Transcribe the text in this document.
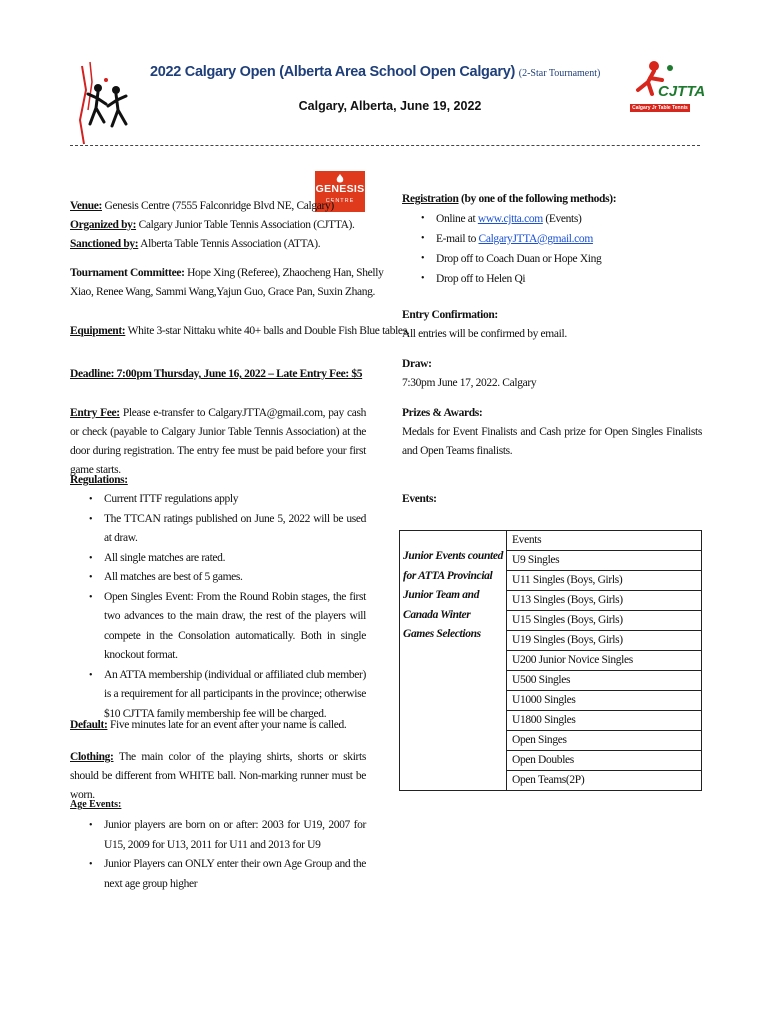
2022 Calgary Open (Alberta Area School Open Calgary) (2-Star Tournament)
Calgary, Alberta, June 19, 2022
CJTTA
Calgary Jr Table Tennis
GENESIS
CENTRE
Venue: Genesis Centre (7555 Falconridge Blvd NE, Calgary)
Organized by: Calgary Junior Table Tennis Association (CJTTA).
Sanctioned by: Alberta Table Tennis Association (ATTA).
Tournament Committee: Hope Xing (Referee), Zhaocheng Han, Shelly
Xiao, Renee Wang, Sammi Wang,Yajun Guo, Grace Pan, Suxin Zhang.
Equipment: White 3-star Nittaku white 40+ balls and Double Fish Blue tables.
Deadline: 7:00pm Thursday, June 16, 2022 – Late Entry Fee: $5
Entry Fee: Please e-transfer to CalgaryJTTA@gmail.com, pay cash or check (payable to Calgary Junior Table Tennis Association) at the door during registration. The entry fee must be paid before your first game starts.
Regulations:
• Current ITTF regulations apply
• The TTCAN ratings published on June 5, 2022 will be used at draw.
• All single matches are rated.
• All matches are best of 5 games.
• Open Singles Event: From the Round Robin stages, the first two advances to the main draw, the rest of the players will compete in the Consolation automatically. Both in single knockout format.
• An ATTA membership (individual or affiliated club member) is a requirement for all participants in the province; otherwise $10 CJTTA family membership fee will be charged.
Default: Five minutes late for an event after your name is called.
Clothing: The main color of the playing shirts, shorts or skirts should be different from WHITE ball. Non-marking runner must be worn.
Age Events:
• Junior players are born on or after: 2003 for U19, 2007 for U15, 2009 for U13, 2011 for U11 and 2013 for U9
• Junior Players can ONLY enter their own Age Group and the next age group higher
Registration (by one of the following methods):
• Online at www.cjtta.com (Events)
• E-mail to CalgaryJTTA@gmail.com
• Drop off to Coach Duan or Hope Xing
• Drop off to Helen Qi
Entry Confirmation:
All entries will be confirmed by email.
Draw:
7:30pm June 17, 2022. Calgary
Prizes & Awards:
Medals for Event Finalists and Cash prize for Open Singles Finalists and Open Teams finalists.
Events:
Junior Events counted for ATTA Provincial Junior Team and Canada Winter Games Selections	Events
U9 Singles
U11 Singles (Boys, Girls)
U13 Singles (Boys, Girls)
U15 Singles (Boys, Girls)
U19 Singles (Boys, Girls)
U200 Junior Novice Singles
U500 Singles
U1000 Singles
U1800 Singles
Open Singes
Open Doubles
Open Teams(2P)
